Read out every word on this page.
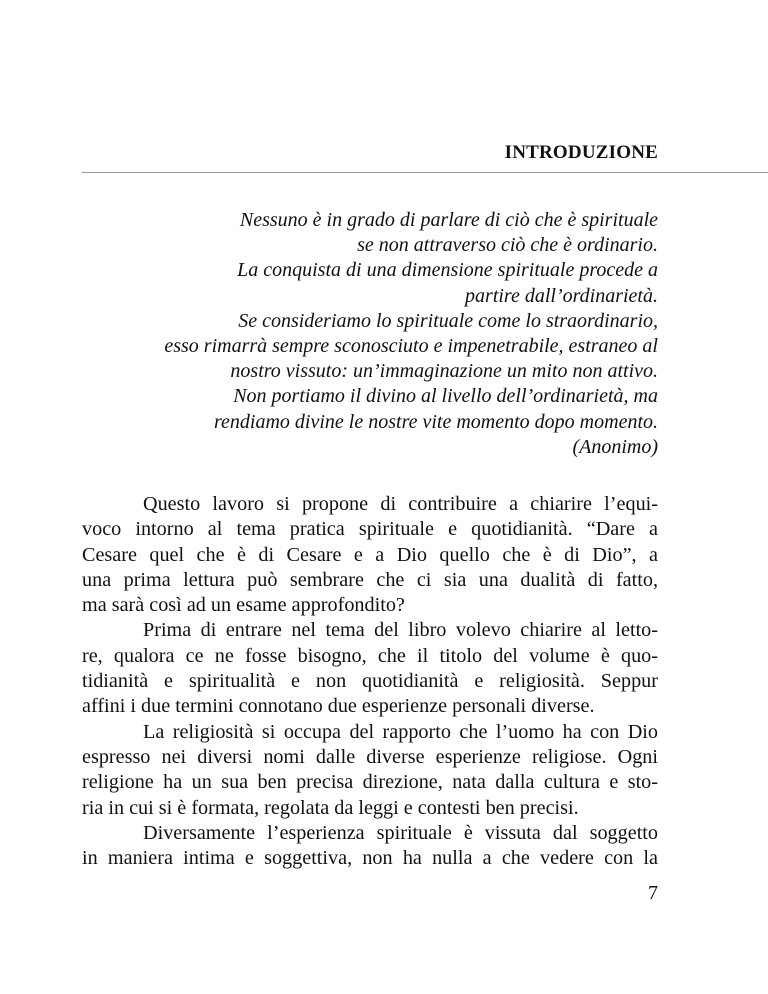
INTRODUZIONE
Nessuno è in grado di parlare di ciò che è spirituale
se non attraverso ciò che è ordinario.
La conquista di una dimensione spirituale procede a
partire dall’ordinarietà.
Se consideriamo lo spirituale come lo straordinario,
esso rimarrà sempre sconosciuto e impenetrabile, estraneo al
nostro vissuto: un’immaginazione un mito non attivo.
Non portiamo il divino al livello dell’ordinarietà, ma
rendiamo divine le nostre vite momento dopo momento.
(Anonimo)
Questo lavoro si propone di contribuire a chiarire l’equi-
voco intorno al tema pratica spirituale e quotidianità. “Dare a
Cesare quel che è di Cesare e a Dio quello che è di Dio”, a
una prima lettura può sembrare che ci sia una dualità di fatto,
ma sarà così ad un esame approfondito?
Prima di entrare nel tema del libro volevo chiarire al letto-
re, qualora ce ne fosse bisogno, che il titolo del volume è quo-
tidianità e spiritualità e non quotidianità e religiosità. Seppur
affini i due termini connotano due esperienze personali diverse.
La religiosità si occupa del rapporto che l’uomo ha con Dio
espresso nei diversi nomi dalle diverse esperienze religiose. Ogni
religione ha un sua ben precisa direzione, nata dalla cultura e sto-
ria in cui si è formata, regolata da leggi e contesti ben precisi.
Diversamente l’esperienza spirituale è vissuta dal soggetto
in maniera intima e soggettiva, non ha nulla a che vedere con la
7
